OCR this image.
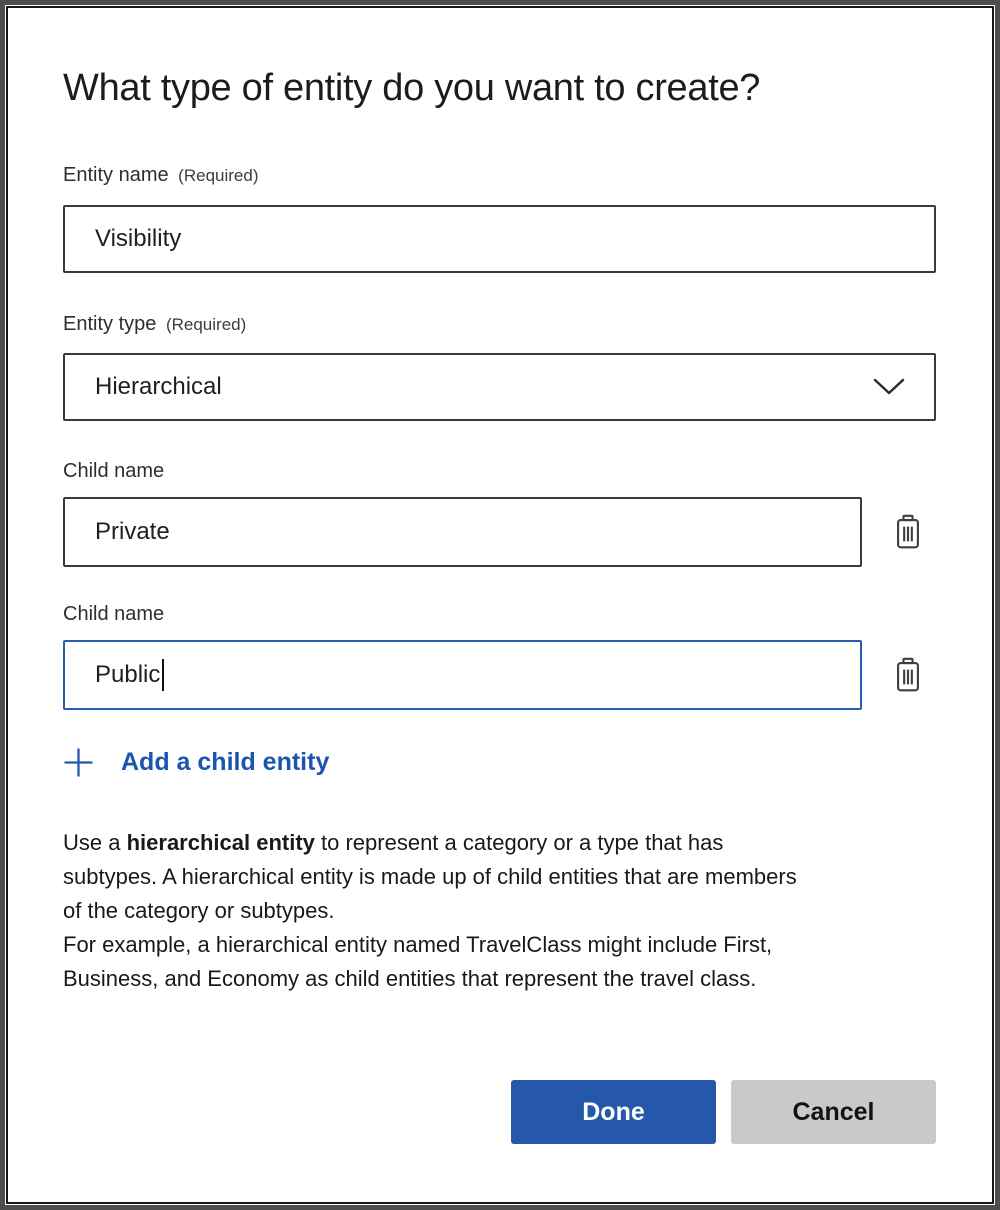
What type of entity do you want to create?
Entity name (Required)
Visibility
Entity type (Required)
Hierarchical
Child name
Private
Child name
Public
Add a child entity
Use a hierarchical entity to represent a category or a type that has
subtypes. A hierarchical entity is made up of child entities that are members
of the category or subtypes.
For example, a hierarchical entity named TravelClass might include First,
Business, and Economy as child entities that represent the travel class.
Done	Cancel
